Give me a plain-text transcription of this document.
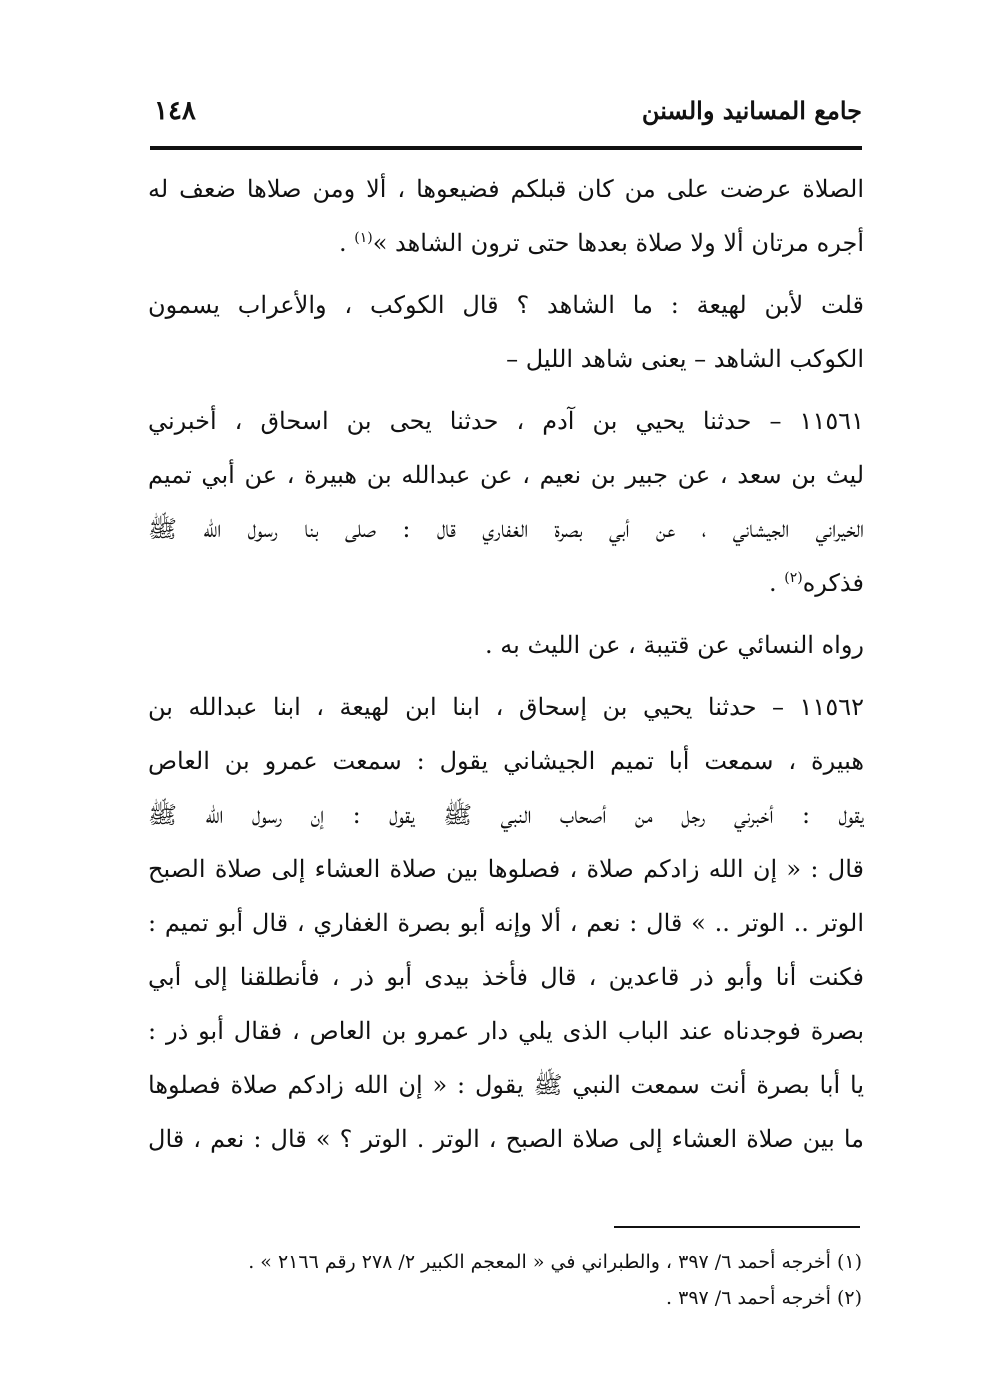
جامع المسانيد والسنن
١٤٨
الصلاة عرضت على من كان قبلكم فضيعوها ، ألا ومن صلاها ضعف له
أجره مرتان ألا ولا صلاة بعدها حتى ترون الشاهد »$^{(١)}$ .
قلت لأبن لهيعة : ما الشاهد ؟ قال الكوكب ، والأعراب يسمون
الكوكب الشاهد – يعنى شاهد الليل –
١١٥٦١ – حدثنا يحيي بن آدم ، حدثنا يحى بن اسحاق ، أخبرني
ليث بن سعد ، عن جبير بن نعيم ، عن عبدالله بن هبيرة ، عن أبي تميم
الخيراني الجيشاني ، عن أبي بصرة الغفاري قال : صلى بنا رسول الله ﷺ
فذكره$^{(٢)}$ .
رواه النسائي عن قتيبة ، عن الليث به .
١١٥٦٢ – حدثنا يحيي بن إسحاق ، ابنا ابن لهيعة ، ابنا عبدالله بن
هبيرة ، سمعت أبا تميم الجيشاني يقول : سمعت عمرو بن العاص
يقول : أخبرني رجل من أصحاب النبي ﷺ يقول : إن رسول الله ﷺ
قال : « إن الله زادكم صلاة ، فصلوها بين صلاة العشاء إلى صلاة الصبح
الوتر .. الوتر .. » قال : نعم ، ألا وإنه أبو بصرة الغفاري ، قال أبو تميم :
فكنت أنا وأبو ذر قاعدين ، قال فأخذ بيدى أبو ذر ، فأنطلقنا إلى أبي
بصرة فوجدناه عند الباب الذى يلي دار عمرو بن العاص ، فقال أبو ذر :
يا أبا بصرة أنت سمعت النبي ﷺ يقول : « إن الله زادكم صلاة فصلوها
ما بين صلاة العشاء إلى صلاة الصبح ، الوتر . الوتر ؟ » قال : نعم ، قال
(١) أخرجه أحمد ٦/ ٣٩٧ ، والطبراني في « المعجم الكبير ٢/ ٢٧٨ رقم ٢١٦٦ » .
(٢) أخرجه أحمد ٦/ ٣٩٧ .
